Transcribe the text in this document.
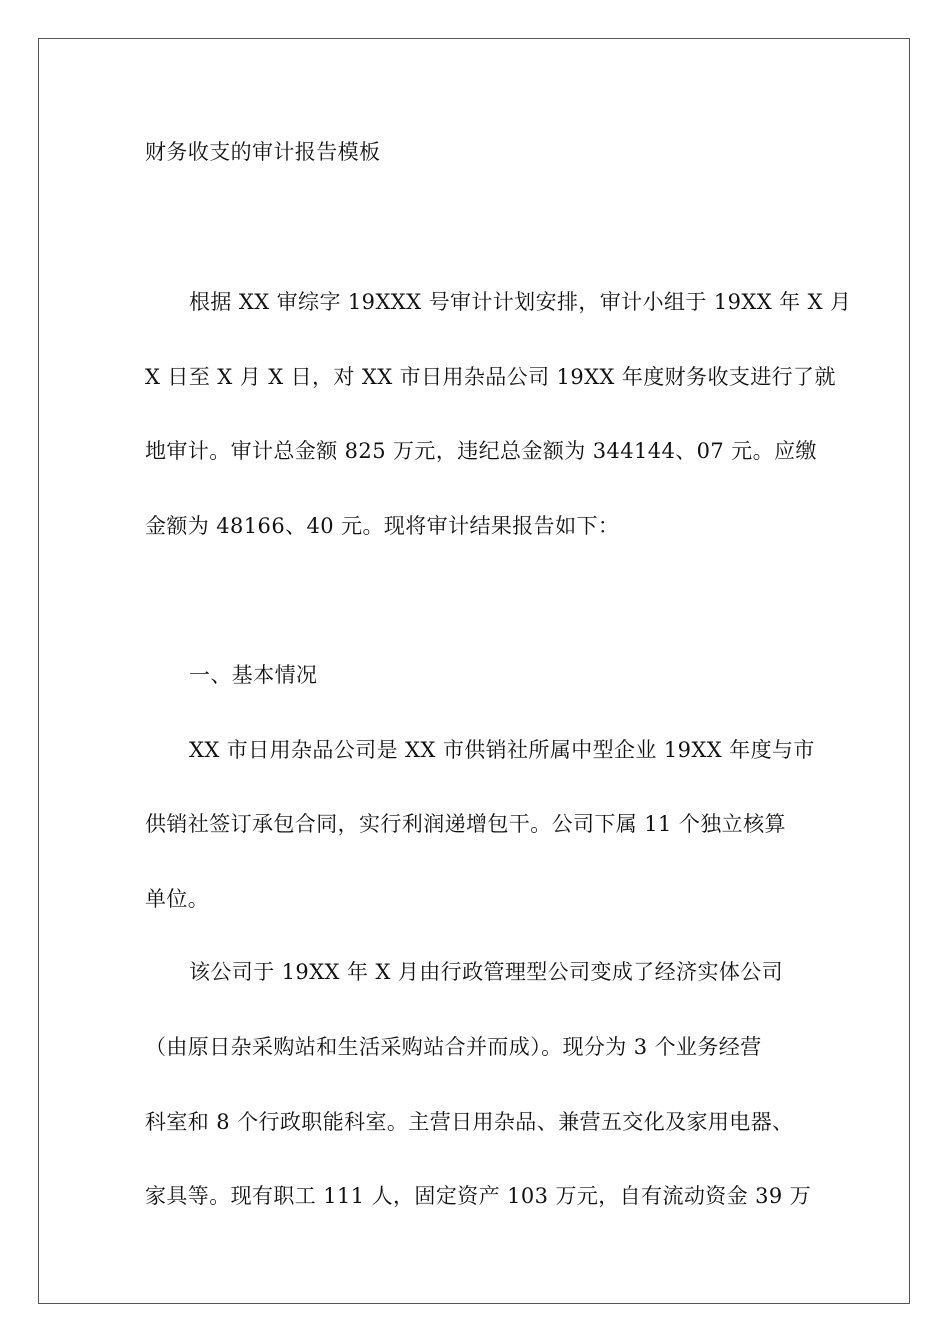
财务收支的审计报告模板
根据 XX 审综字 19XXX 号审计计划安排，审计小组于 19XX 年 X 月
X 日至 X 月 X 日，对 XX 市日用杂品公司 19XX 年度财务收支进行了就
地审计。审计总金额 825 万元，违纪总金额为 344144、07 元。应缴
金额为 48166、40 元。现将审计结果报告如下：
一、基本情况
XX 市日用杂品公司是 XX 市供销社所属中型企业 19XX 年度与市
供销社签订承包合同，实行利润递增包干。公司下属 11 个独立核算
单位。
该公司于 19XX 年 X 月由行政管理型公司变成了经济实体公司
（由原日杂采购站和生活采购站合并而成）。现分为 3 个业务经营
科室和 8 个行政职能科室。主营日用杂品、兼营五交化及家用电器、
家具等。现有职工 111 人，固定资产 103 万元，自有流动资金 39 万
